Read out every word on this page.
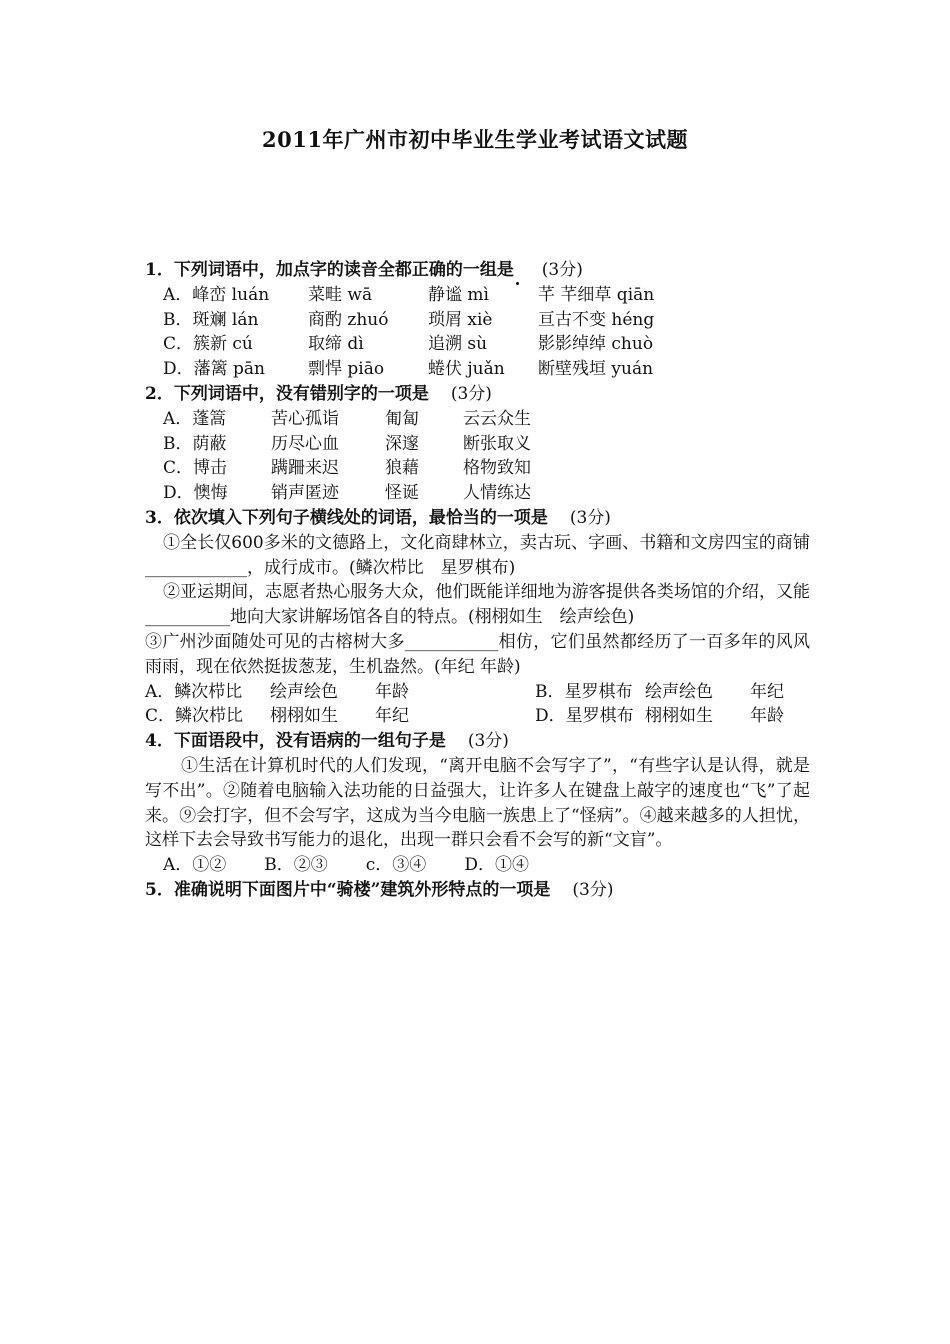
2011年广州市初中毕业生学业考试语文试题
1．下列词语中，加点字的读音全都正确的一组是 (3分)
A．峰峦 luán 菜畦 wā	静谧 mì	芊 芊细草 qiān
B．斑斓 lán	商酌 zhuó 琐屑 xiè	亘古不变 héng
C．簇新 cú	取缔 dì	追溯 sù	影影绰绰 chuò
D．藩篱 pān	剽悍 piāo	蜷伏 juǎn 断壁残垣 yuán
2．下列词语中，没有错别字的一项是 (3分)
A．蓬篙	苦心孤诣	匍匐	云云众生
B．荫蔽	历尽心血	深邃	断张取义
C．博击	蹒跚来迟	狼藉	格物致知
D．懊悔	销声匿迹	怪诞	人情练达
3．依次填入下列句子横线处的词语，最恰当的一项是 (3分)
①全长仅600多米的文德路上，文化商肆林立，卖古玩、字画、书籍和文房四宝的商铺____________，成行成市。(鳞次栉比　星罗棋布)
②亚运期间，志愿者热心服务大众，他们既能详细地为游客提供各类场馆的介绍，又能__________地向大家讲解场馆各自的特点。(栩栩如生　绘声绘色)
③广州沙面随处可见的古榕树大多___________相仿，它们虽然都经历了一百多年的风风雨雨，现在依然挺拔葱茏，生机盎然。(年纪 年龄)
A．鳞次栉比 绘声绘色 年龄	B．星罗棋布 绘声绘色 年纪
C．鳞次栉比 栩栩如生 年纪	D．星罗棋布 栩栩如生 年龄
4．下面语段中，没有语病的一组句子是 (3分)
①生活在计算机时代的人们发现，“离开电脑不会写字了”，“有些字认是认得，就是写不出”。②随着电脑输入法功能的日益强大，让许多人在键盘上敲字的速度也“飞”了起来。⑨会打字，但不会写字，这成为当今电脑一族患上了“怪病”。④越来越多的人担忧，这样下去会导致书写能力的退化，出现一群只会看不会写的新“文盲”。
A．①② B．②③ c．③④ D．①④
5．准确说明下面图片中“骑楼”建筑外形特点的一项是 (3分)
